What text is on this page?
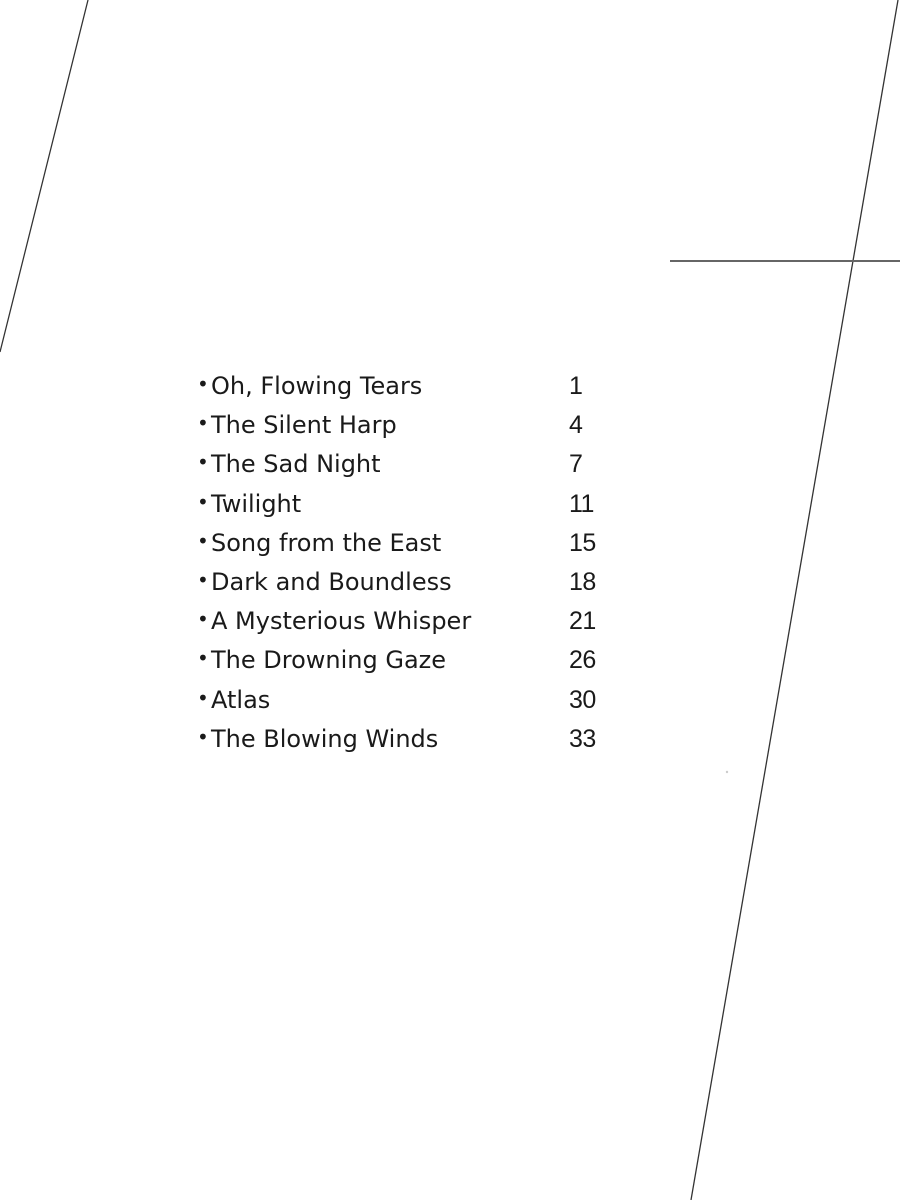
• Oh, Flowing Tears	1
• The Silent Harp	4
• The Sad Night	7
• Twilight	11
• Song from the East	15
• Dark and Boundless	18
• A Mysterious Whisper	21
• The Drowning Gaze	26
• Atlas	30
• The Blowing Winds	33
